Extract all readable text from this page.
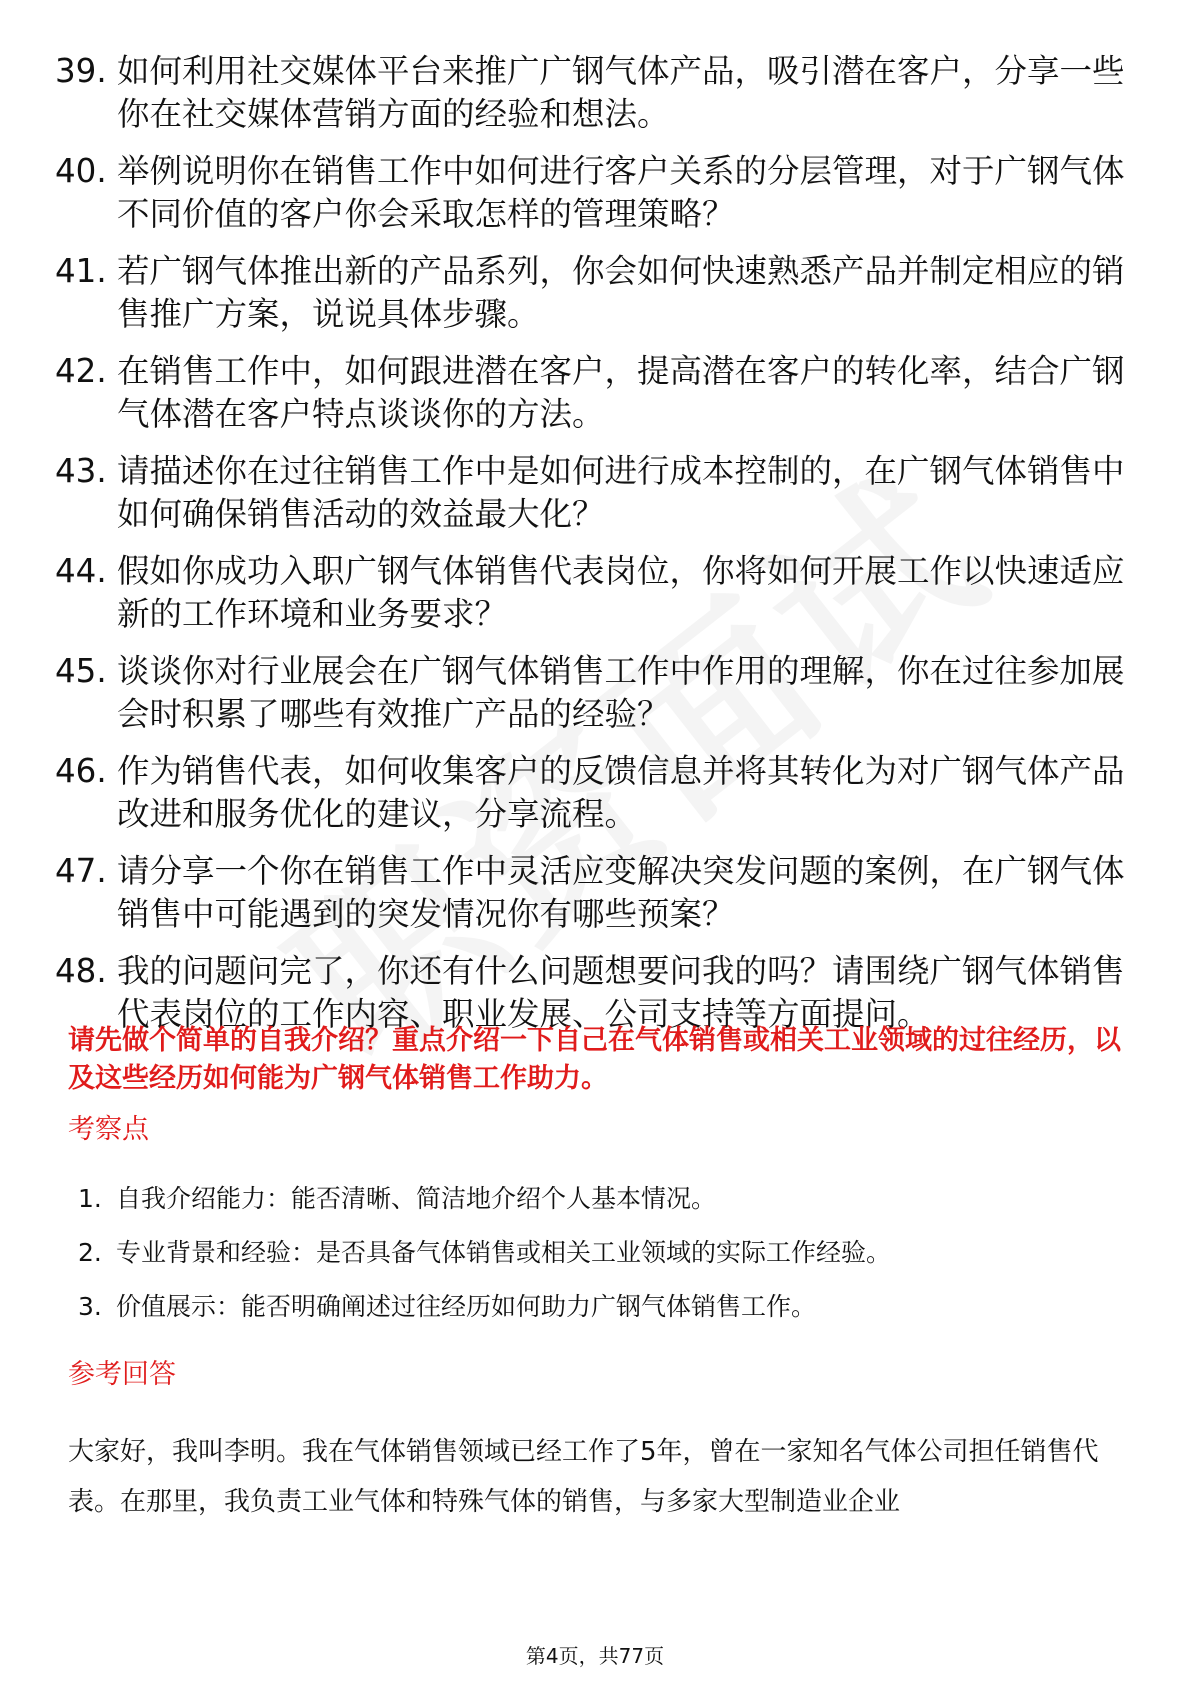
39. 如何利用社交媒体平台来推广广钢气体产品，吸引潜在客户，分享一些你在社交媒体营销方面的经验和想法。
40. 举例说明你在销售工作中如何进行客户关系的分层管理，对于广钢气体不同价值的客户你会采取怎样的管理策略？
41. 若广钢气体推出新的产品系列，你会如何快速熟悉产品并制定相应的销售推广方案，说说具体步骤。
42. 在销售工作中，如何跟进潜在客户，提高潜在客户的转化率，结合广钢气体潜在客户特点谈谈你的方法。
43. 请描述你在过往销售工作中是如何进行成本控制的，在广钢气体销售中如何确保销售活动的效益最大化？
44. 假如你成功入职广钢气体销售代表岗位，你将如何开展工作以快速适应新的工作环境和业务要求？
45. 谈谈你对行业展会在广钢气体销售工作中作用的理解，你在过往参加展会时积累了哪些有效推广产品的经验？
46. 作为销售代表，如何收集客户的反馈信息并将其转化为对广钢气体产品改进和服务优化的建议，分享流程。
47. 请分享一个你在销售工作中灵活应变解决突发问题的案例，在广钢气体销售中可能遇到的突发情况你有哪些预案？
48. 我的问题问完了，你还有什么问题想要问我的吗？请围绕广钢气体销售代表岗位的工作内容、职业发展、公司支持等方面提问。
请先做个简单的自我介绍？重点介绍一下自己在气体销售或相关工业领域的过往经历，以及这些经历如何能为广钢气体销售工作助力。
考察点
1. 自我介绍能力：能否清晰、简洁地介绍个人基本情况。
2. 专业背景和经验：是否具备气体销售或相关工业领域的实际工作经验。
3. 价值展示：能否明确阐述过往经历如何助力广钢气体销售工作。
参考回答
大家好，我叫李明。我在气体销售领域已经工作了5年，曾在一家知名气体公司担任销售代表。在那里，我负责工业气体和特殊气体的销售，与多家大型制造业企业
第4页，共77页
